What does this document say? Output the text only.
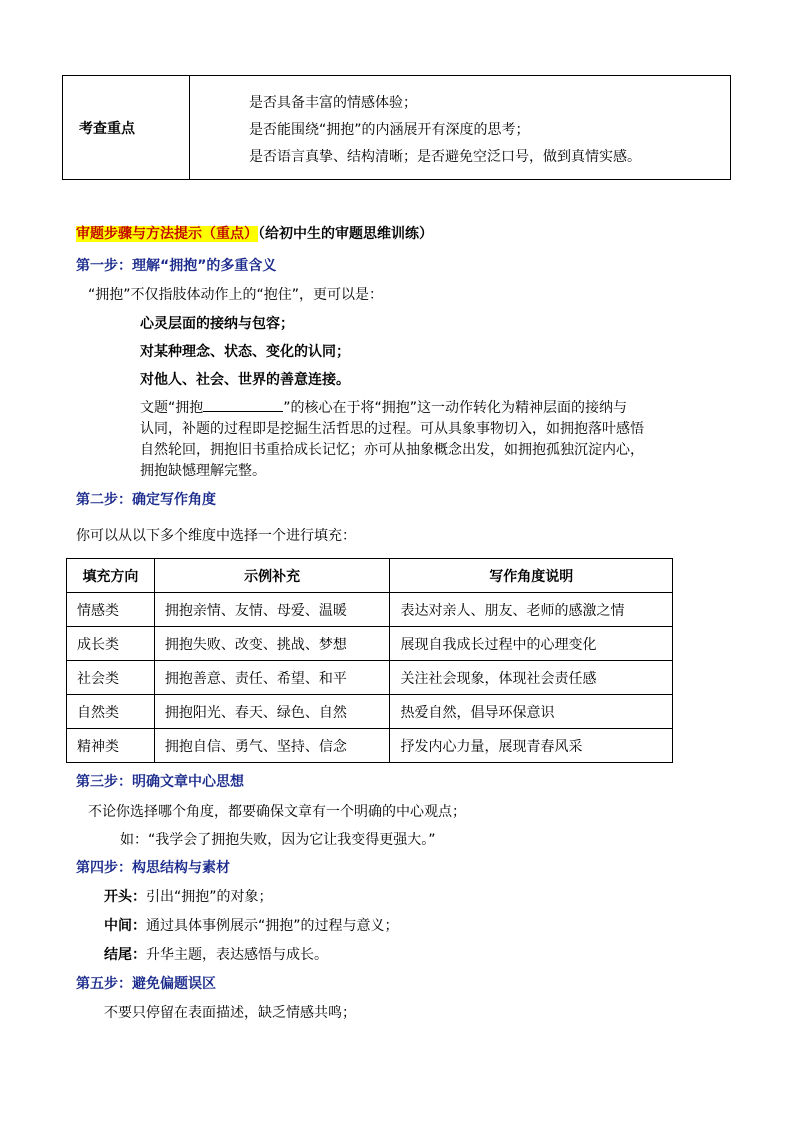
考查重点
是否具备丰富的情感体验；
是否能围绕“拥抱”的内涵展开有深度的思考；
是否语言真挚、结构清晰；是否避免空泛口号，做到真情实感。
审题步骤与方法提示（重点）（给初中生的审题思维训练）
第一步：理解“拥抱”的多重含义
“拥抱”不仅指肢体动作上的“抱住”，更可以是：
心灵层面的接纳与包容；
对某种理念、状态、变化的认同；
对他人、社会、世界的善意连接。
文题“拥抱	”的核心在于将“拥抱”这一动作转化为精神层面的接纳与
认同，补题的过程即是挖掘生活哲思的过程。可从具象事物切入，如拥抱落叶感悟
自然轮回，拥抱旧书重拾成长记忆；亦可从抽象概念出发，如拥抱孤独沉淀内心，
拥抱缺憾理解完整。
第二步：确定写作角度
你可以从以下多个维度中选择一个进行填充：
填充方向	示例补充	写作角度说明
情感类	拥抱亲情、友情、母爱、温暖	表达对亲人、朋友、老师的感激之情
成长类	拥抱失败、改变、挑战、梦想	展现自我成长过程中的心理变化
社会类	拥抱善意、责任、希望、和平	关注社会现象，体现社会责任感
自然类	拥抱阳光、春天、绿色、自然	热爱自然，倡导环保意识
精神类	拥抱自信、勇气、坚持、信念	抒发内心力量，展现青春风采
第三步：明确文章中心思想
不论你选择哪个角度，都要确保文章有一个明确的中心观点；
如：“我学会了拥抱失败，因为它让我变得更强大。”
第四步：构思结构与素材
开头：引出“拥抱”的对象；
中间：通过具体事例展示“拥抱”的过程与意义；
结尾：升华主题，表达感悟与成长。
第五步：避免偏题误区
不要只停留在表面描述，缺乏情感共鸣；
